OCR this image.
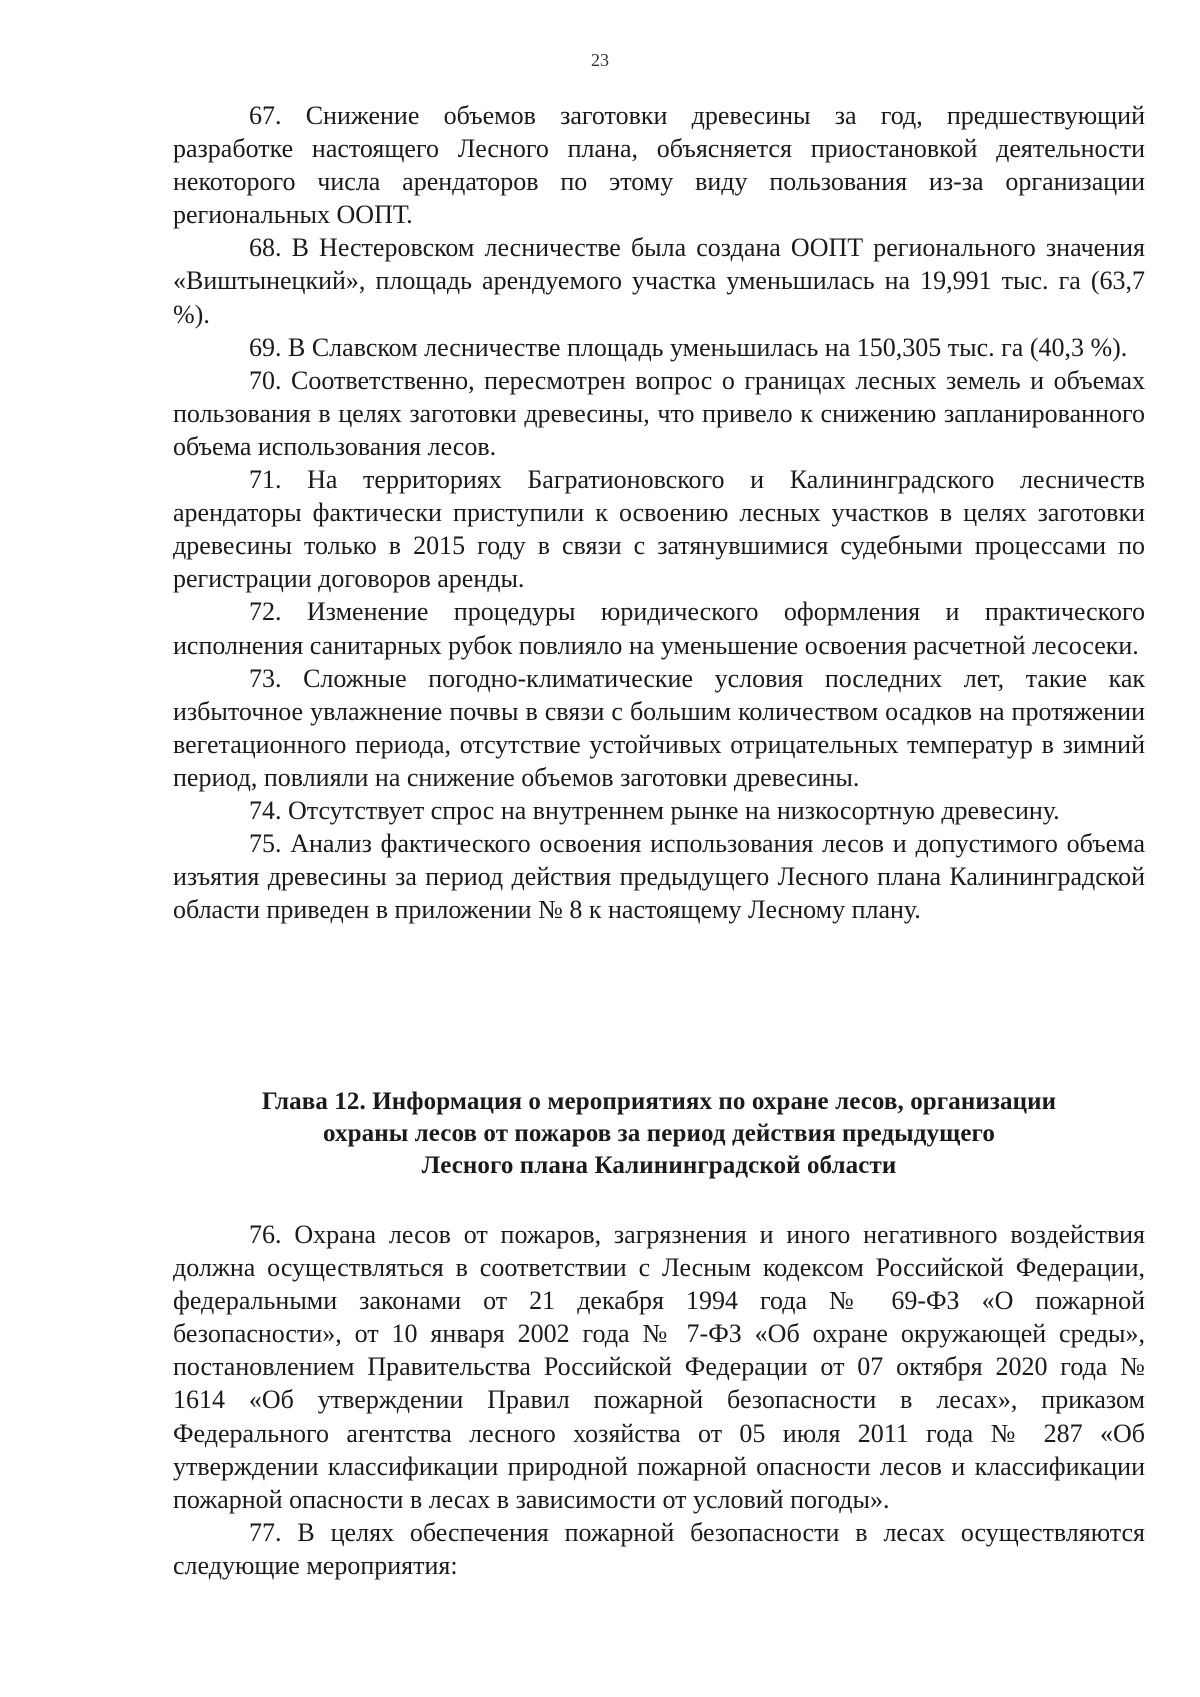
23

67. Снижение объемов заготовки древесины за год, предшествующий разработке настоящего Лесного плана, объясняется приостановкой деятельности некоторого числа арендаторов по этому виду пользования из-за организации региональных ООПТ.

68. В Нестеровском лесничестве была создана ООПТ регионального значения «Виштынецкий», площадь арендуемого участка уменьшилась на 19,991 тыс. га (63,7 %).

69. В Славском лесничестве площадь уменьшилась на 150,305 тыс. га (40,3 %).

70. Соответственно, пересмотрен вопрос о границах лесных земель и объемах пользования в целях заготовки древесины, что привело к снижению запланированного объема использования лесов.

71. На территориях Багратионовского и Калининградского лесничеств арендаторы фактически приступили к освоению лесных участков в целях заготовки древесины только в 2015 году в связи с затянувшимися судебными процессами по регистрации договоров аренды.

72. Изменение процедуры юридического оформления и практического исполнения санитарных рубок повлияло на уменьшение освоения расчетной лесосеки.

73. Сложные погодно-климатические условия последних лет, такие как избыточное увлажнение почвы в связи с большим количеством осадков на протяжении вегетационного периода, отсутствие устойчивых отрицательных температур в зимний период, повлияли на снижение объемов заготовки древесины.

74. Отсутствует спрос на внутреннем рынке на низкосортную древесину.

75. Анализ фактического освоения использования лесов и допустимого объема изъятия древесины за период действия предыдущего Лесного плана Калининградской области приведен в приложении № 8 к настоящему Лесному плану.

Глава 12. Информация о мероприятиях по охране лесов, организации
охраны лесов от пожаров за период действия предыдущего
Лесного плана Калининградской области

76. Охрана лесов от пожаров, загрязнения и иного негативного воздействия должна осуществляться в соответствии с Лесным кодексом Российской Федерации, федеральными законами от 21 декабря 1994 года № 69-ФЗ «О пожарной безопасности», от 10 января 2002 года № 7-ФЗ «Об охране окружающей среды», постановлением Правительства Российской Федерации от 07 октября 2020 года № 1614 «Об утверждении Правил пожарной безопасности в лесах», приказом Федерального агентства лесного хозяйства от 05 июля 2011 года № 287 «Об утверждении классификации природной пожарной опасности лесов и классификации пожарной опасности в лесах в зависимости от условий погоды».

77. В целях обеспечения пожарной безопасности в лесах осуществляются следующие мероприятия:
